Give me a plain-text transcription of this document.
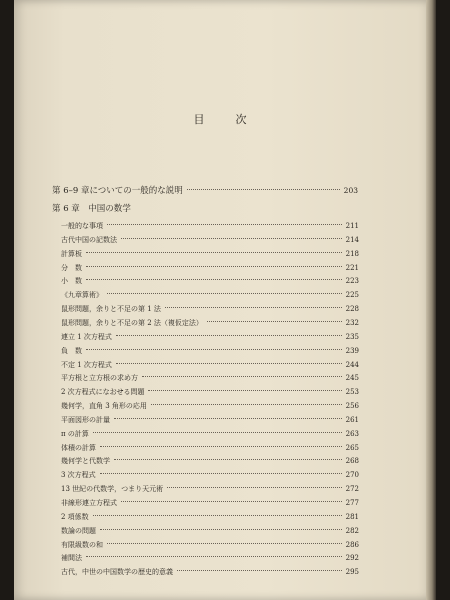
目　次
第 6–9 章についての一般的な説明	203
第 6 章　中国の数学
一般的な事項	211
古代中国の記数法	214
計算板	218
分　数	221
小　数	223
《九章算術》	225
鼠形問題，余りと不足の第 1 法	228
鼠形問題，余りと不足の第 2 法（複仮定法）	232
連立 1 次方程式	235
負　数	239
不定 1 次方程式	244
平方根と立方根の求め方	245
2 次方程式になおせる問題	253
幾何学，直角 3 角形の応用	256
平面図形の計量	261
π の計算	263
体積の計算	265
幾何学と代数学	268
3 次方程式	270
13 世紀の代数学，つまり天元術	272
非線形連立方程式	277
2 項係数	281
数論の問題	282
有限級数の和	286
補間法	292
古代，中世の中国数学の歴史的意義	295
